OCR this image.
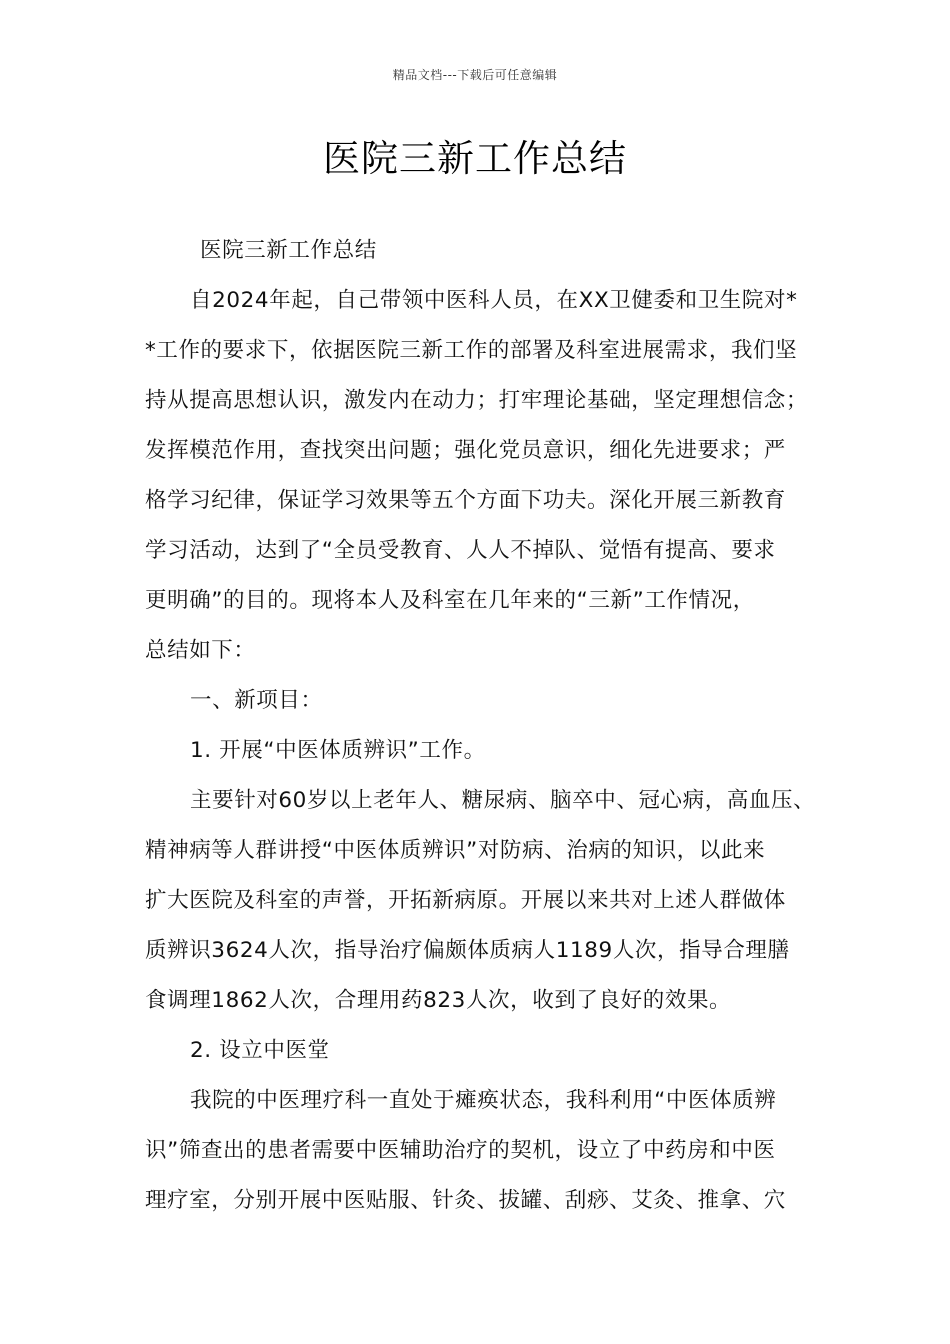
精品文档---下载后可任意编辑
医院三新工作总结
医院三新工作总结
自2024年起，自己带领中医科人员，在XX卫健委和卫生院对*
*工作的要求下，依据医院三新工作的部署及科室进展需求，我们坚
持从提高思想认识，激发内在动力；打牢理论基础，坚定理想信念；
发挥模范作用，查找突出问题；强化党员意识，细化先进要求；严
格学习纪律，保证学习效果等五个方面下功夫。深化开展三新教育
学习活动，达到了“全员受教育、人人不掉队、觉悟有提高、要求
更明确”的目的。现将本人及科室在几年来的“三新”工作情况，
总结如下：
一、新项目：
1. 开展“中医体质辨识”工作。
主要针对60岁以上老年人、糖尿病、脑卒中、冠心病，高血压、
精神病等人群讲授“中医体质辨识”对防病、治病的知识，以此来
扩大医院及科室的声誉，开拓新病原。开展以来共对上述人群做体
质辨识3624人次，指导治疗偏颇体质病人1189人次，指导合理膳
食调理1862人次，合理用药823人次，收到了良好的效果。
2. 设立中医堂
我院的中医理疗科一直处于瘫痪状态，我科利用“中医体质辨
识”筛查出的患者需要中医辅助治疗的契机，设立了中药房和中医
理疗室，分别开展中医贴服、针灸、拔罐、刮痧、艾灸、推拿、穴
